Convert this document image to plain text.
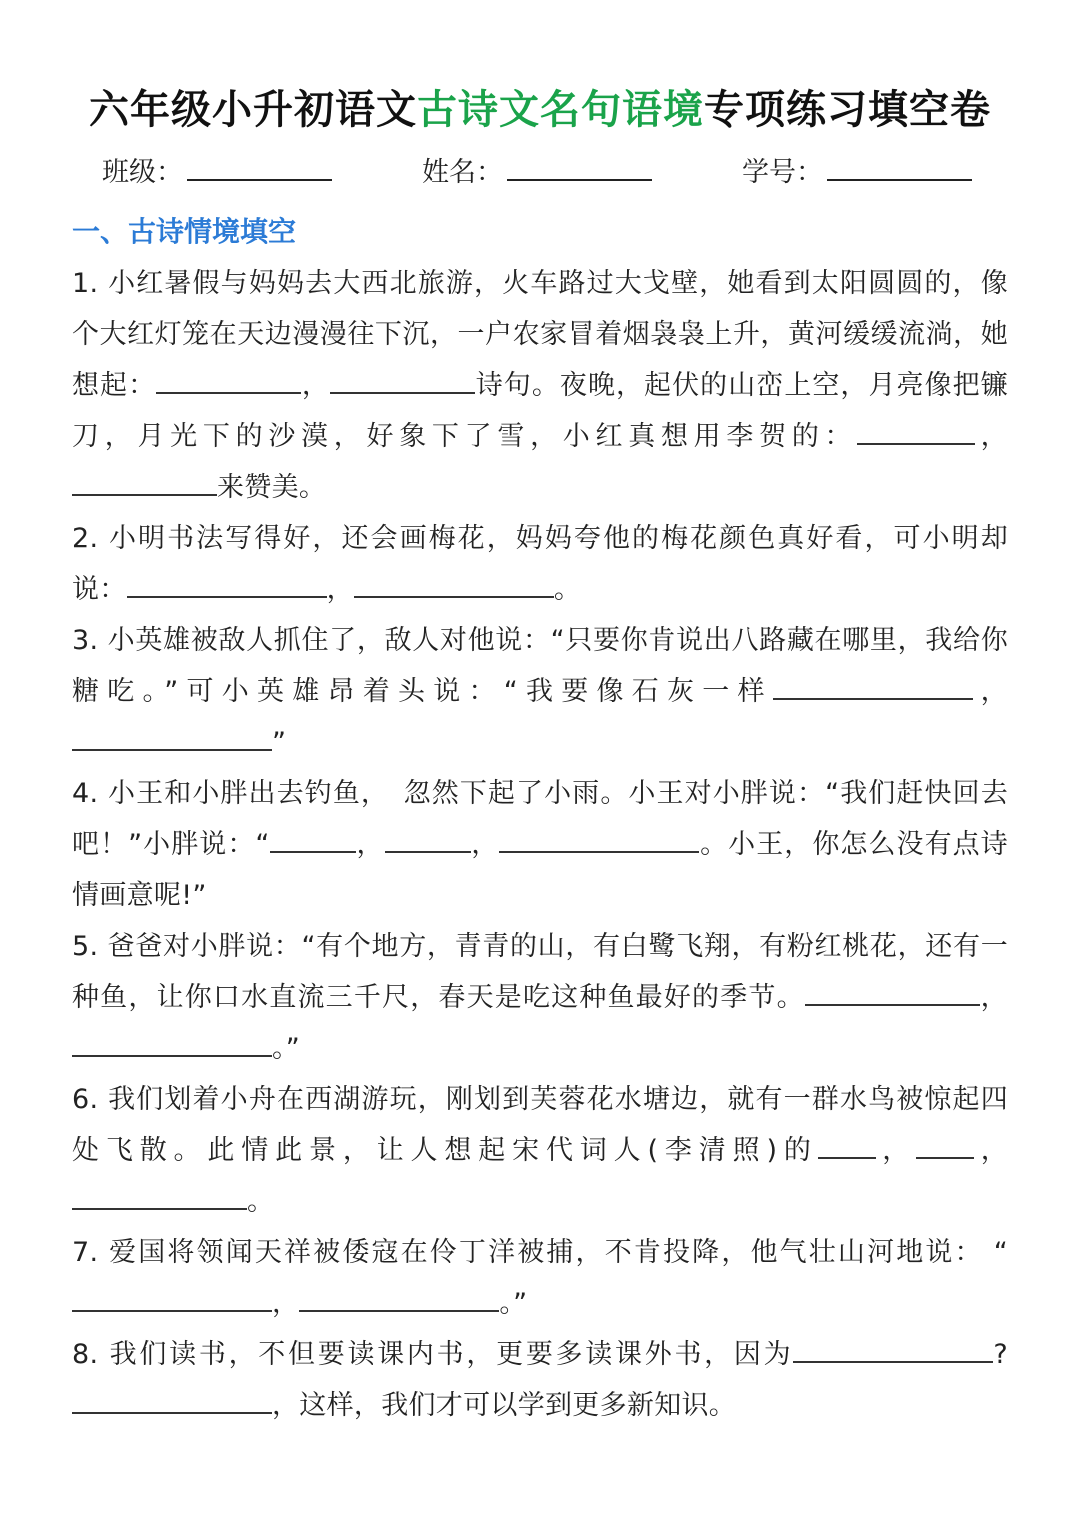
六年级小升初语文古诗文名句语境专项练习填空卷
班级：	姓名：	学号：
一、古诗情境填空

1. 小红暑假与妈妈去大西北旅游，火车路过大戈壁，她看到太阳圆圆的，像个大红灯笼在天边漫漫往下沉，一户农家冒着烟袅袅上升，黄河缓缓流淌，她想起：	，	诗句。夜晚，起伏的山峦上空，月亮像把镰刀，月光下的沙漠，好象下了雪，小红真想用李贺的：	，来赞美。

2. 小明书法写得好，还会画梅花，妈妈夸他的梅花颜色真好看，可小明却说：	，	。

3. 小英雄被敌人抓住了，敌人对他说：“只要你肯说出八路藏在哪里，我给你糖吃。”可小英雄昂着头说：“我要像石灰一样	，”

4. 小王和小胖出去钓鱼，　忽然下起了小雨。小王对小胖说：“我们赶快回去吧！”小胖说：“	，	，	。小王，你怎么没有点诗情画意呢!”

5. 爸爸对小胖说：“有个地方，青青的山，有白鹭飞翔，有粉红桃花，还有一种鱼，让你口水直流三千尺，春天是吃这种鱼最好的季节。	，。”

6. 我们划着小舟在西湖游玩，刚划到芙蓉花水塘边，就有一群水鸟被惊起四处飞散。此情此景，让人想起宋代词人(李清照)的 ， ，。

7. 爱国将领闻天祥被倭寇在伶丁洋被捕，不肯投降，他气壮山河地说： “，	。”

8. 我们读书，不但要读课内书，更要多读课外书，因为	?，这样，我们才可以学到更多新知识。
